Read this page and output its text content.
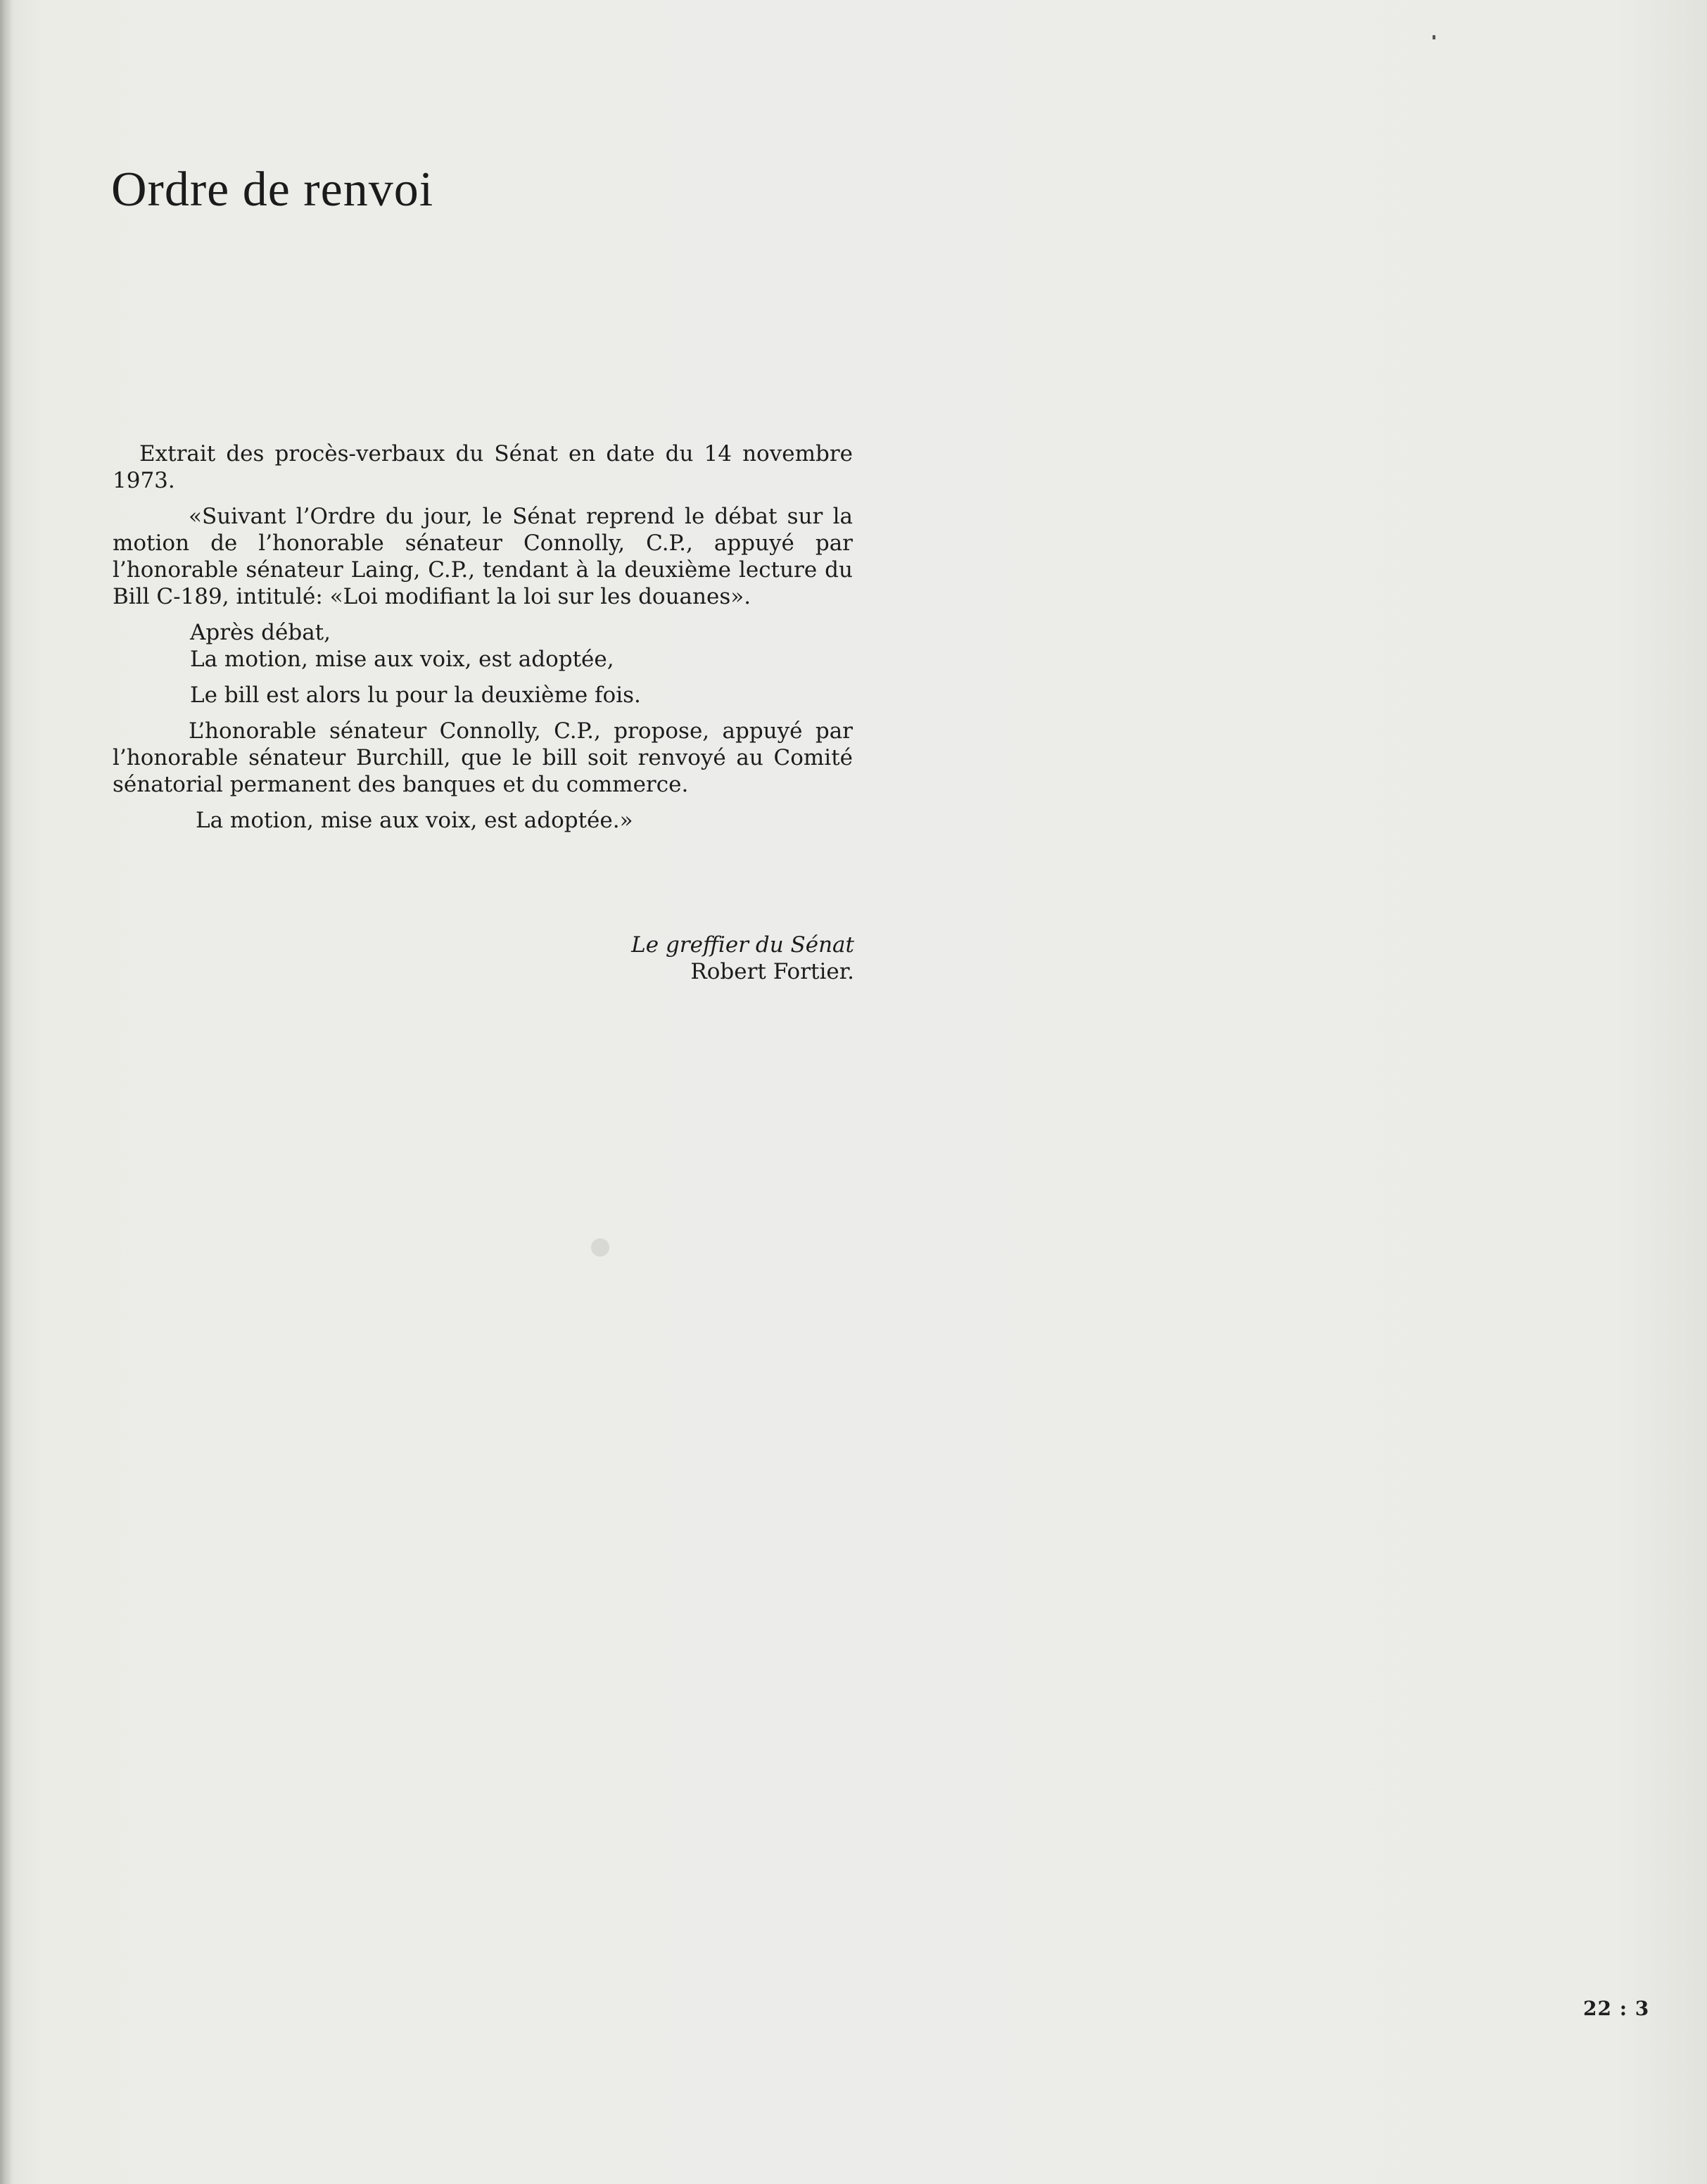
Ordre de renvoi

Extrait des procès-verbaux du Sénat en date du 14 novembre 1973.

«Suivant l’Ordre du jour, le Sénat reprend le débat sur la motion de l’honorable sénateur Connolly, C.P., appuyé par l’honorable sénateur Laing, C.P., tendant à la deuxième lecture du Bill C-189, intitulé: «Loi modifiant la loi sur les douanes».

Après débat,

La motion, mise aux voix, est adoptée,

Le bill est alors lu pour la deuxième fois.

L’honorable sénateur Connolly, C.P., propose, appuyé par l’honorable sénateur Burchill, que le bill soit renvoyé au Comité sénatorial permanent des banques et du commerce.

La motion, mise aux voix, est adoptée.»

Le greffier du Sénat
Robert Fortier.
22 : 3
